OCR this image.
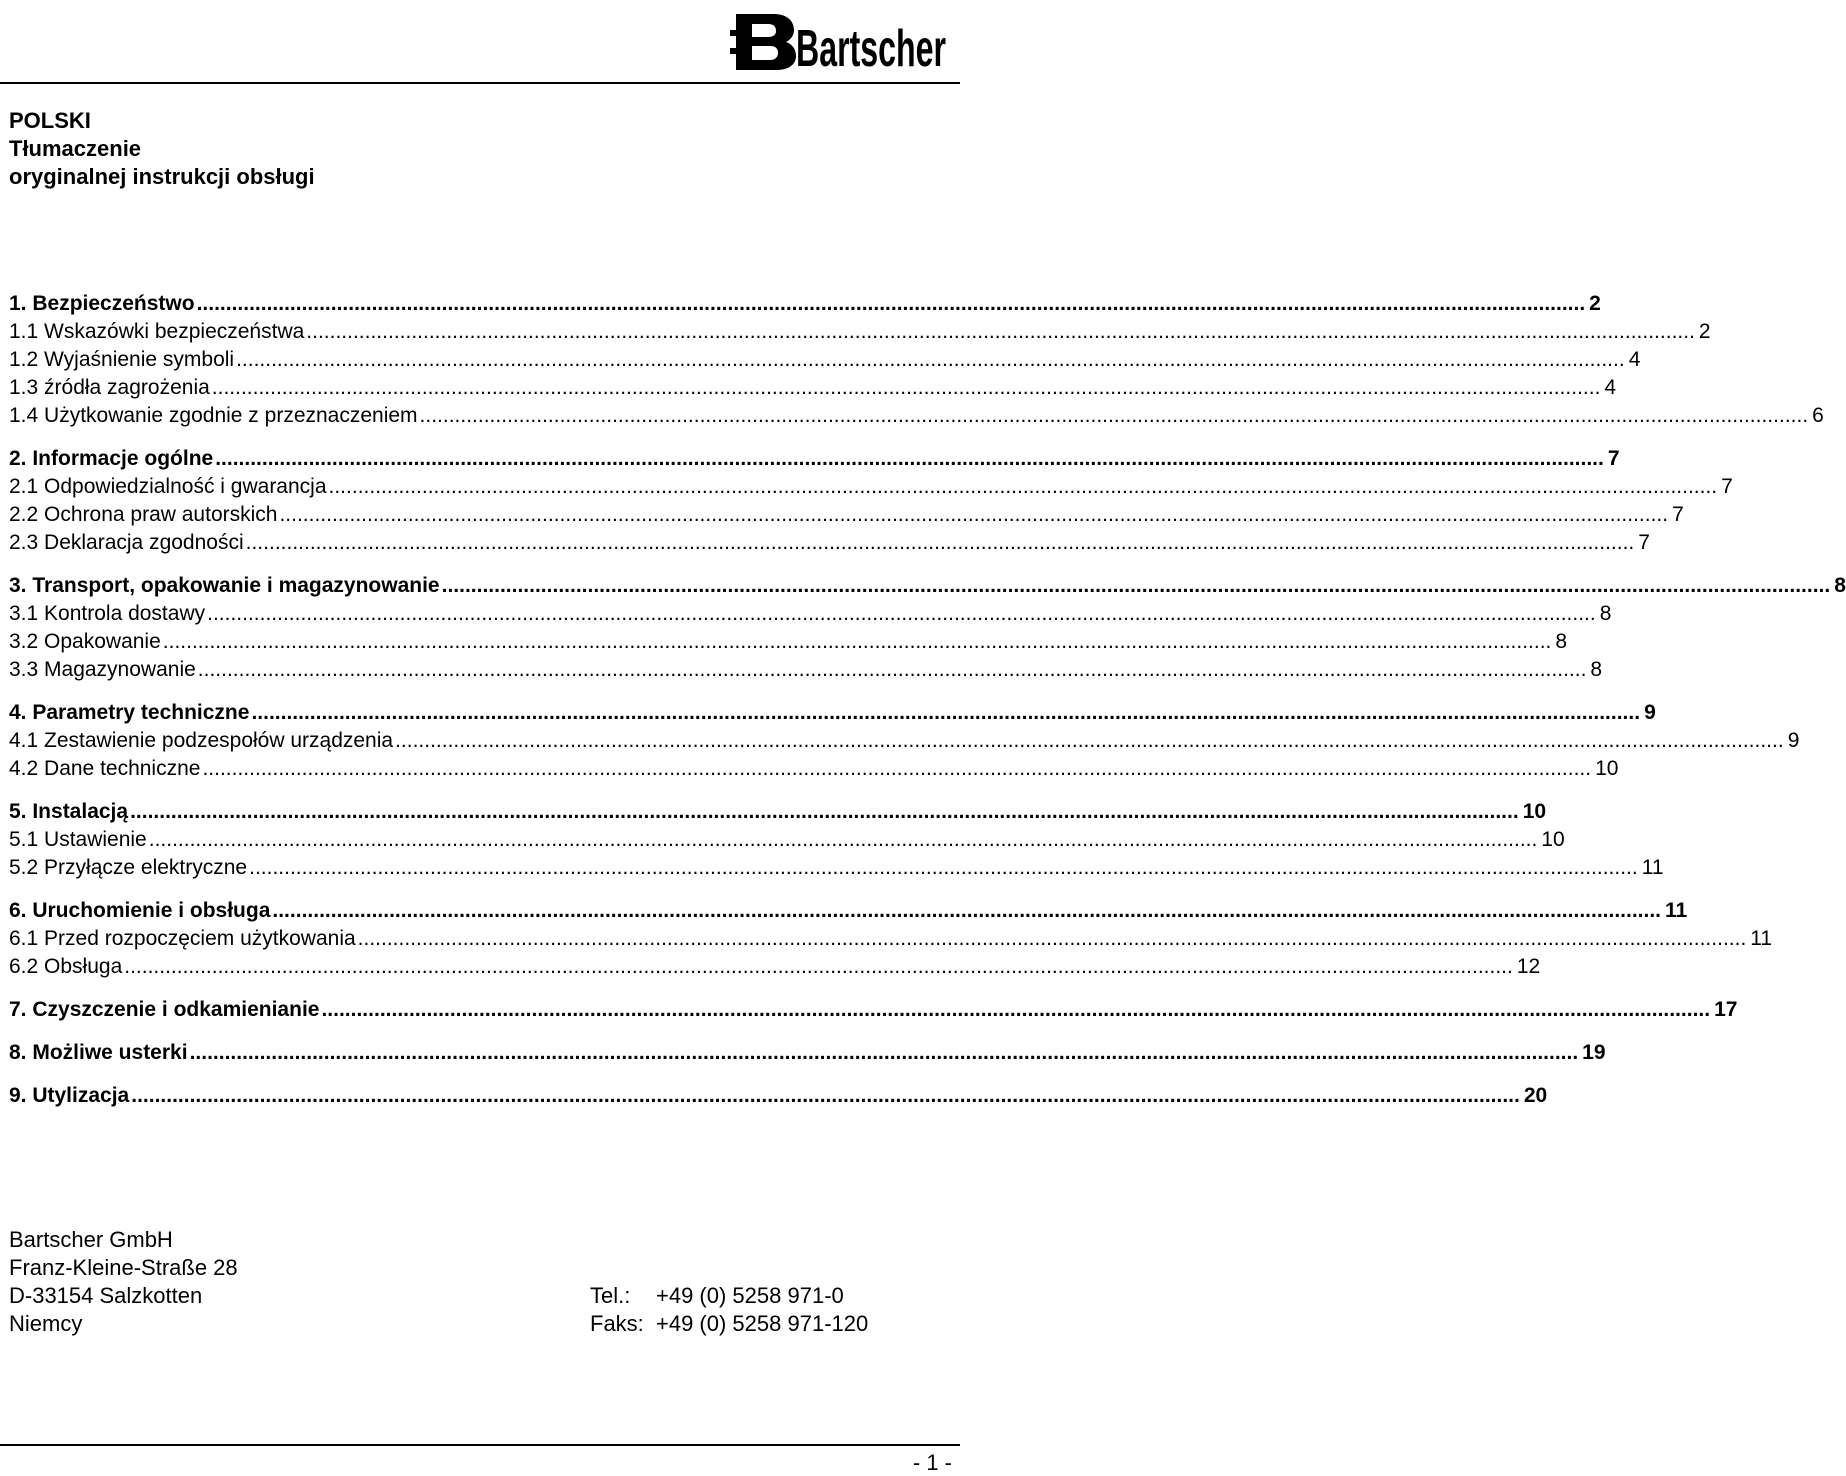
Bartscher
POLSKI
Tłumaczenie
oryginalnej instrukcji obsługi
1. Bezpieczeństwo .....	2
1.1 Wskazówki bezpieczeństwa .....	2
1.2 Wyjaśnienie symboli .....	4
1.3 źródła zagrożenia .....	4
1.4 Użytkowanie zgodnie z przeznaczeniem .....	6
2. Informacje ogólne .....	7
2.1 Odpowiedzialność i gwarancja .....	7
2.2 Ochrona praw autorskich .....	7
2.3 Deklaracja zgodności .....	7
3. Transport, opakowanie i magazynowanie .....	8
3.1 Kontrola dostawy .....	8
3.2 Opakowanie .....	8
3.3 Magazynowanie .....	8
4. Parametry techniczne .....	9
4.1 Zestawienie podzespołów urządzenia .....	9
4.2 Dane techniczne .....	10
5. Instalacją .....	10
5.1 Ustawienie .....	10
5.2 Przyłącze elektryczne .....	11
6. Uruchomienie i obsługa .....	11
6.1 Przed rozpoczęciem użytkowania .....	11
6.2 Obsługa .....	12
7. Czyszczenie i odkamienianie .....	17
8. Możliwe usterki .....	19
9. Utylizacja .....	20
Bartscher GmbH
Franz-Kleine-Straße 28
D-33154 Salzkotten
Niemcy
Tel.:	+49 (0) 5258 971-0
Faks: +49 (0) 5258 971-120
- 1 -
